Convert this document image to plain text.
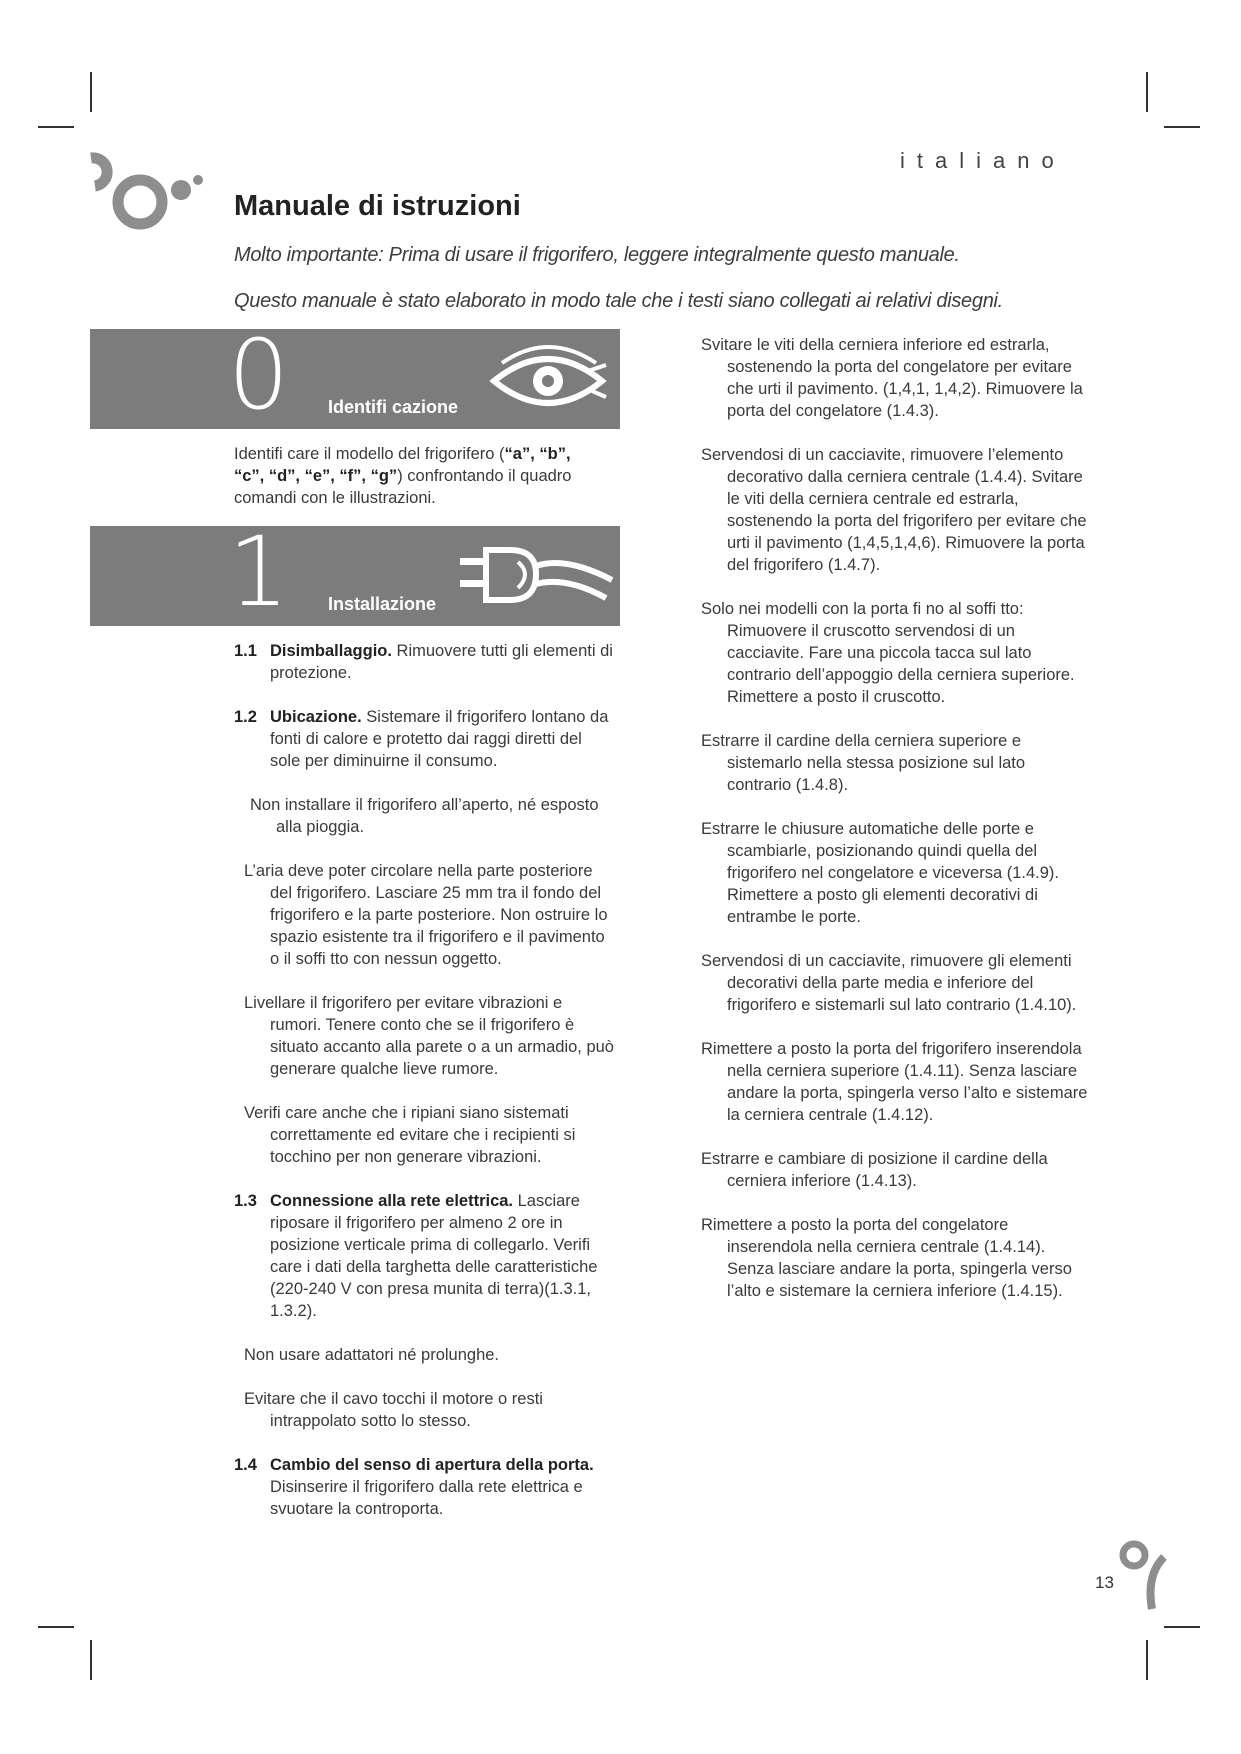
italiano
Manuale di istruzioni
Molto importante: Prima di usare il frigorifero, leggere integralmente questo manuale.
Questo manuale è stato elaborato in modo tale che i testi siano collegati ai relativi disegni.
0 Identifi cazione
Identifi care il modello del frigorifero (“a”, “b”, “c”, “d”, “e”, “f”, “g”) confrontando il quadro comandi con le illustrazioni.
1 Installazione

1.1 Disimballaggio. Rimuovere tutti gli elementi di protezione.

1.2 Ubicazione. Sistemare il frigorifero lontano da fonti di calore e protetto dai raggi diretti del sole per diminuirne il consumo.

Non installare il frigorifero all’aperto, né esposto alla pioggia.

L’aria deve poter circolare nella parte posteriore del frigorifero. Lasciare 25 mm tra il fondo del frigorifero e la parte posteriore. Non ostruire lo spazio esistente tra il frigorifero e il pavimento o il soffi tto con nessun oggetto.

Livellare il frigorifero per evitare vibrazioni e rumori. Tenere conto che se il frigorifero è situato accanto alla parete o a un armadio, può generare qualche lieve rumore.

Verifi care anche che i ripiani siano sistemati correttamente ed evitare che i recipienti si tocchino per non generare vibrazioni.

1.3 Connessione alla rete elettrica. Lasciare riposare il frigorifero per almeno 2 ore in posizione verticale prima di collegarlo. Verifi care i dati della targhetta delle caratteristiche (220-240 V con presa munita di terra)(1.3.1, 1.3.2).

Non usare adattatori né prolunghe.

Evitare che il cavo tocchi il motore o resti intrappolato sotto lo stesso.

1.4 Cambio del senso di apertura della porta. Disinserire il frigorifero dalla rete elettrica e svuotare la controporta.

Svitare le viti della cerniera inferiore ed estrarla, sostenendo la porta del congelatore per evitare che urti il pavimento. (1,4,1, 1,4,2). Rimuovere la porta del congelatore (1.4.3).

Servendosi di un cacciavite, rimuovere l’elemento decorativo dalla cerniera centrale (1.4.4). Svitare le viti della cerniera centrale ed estrarla, sostenendo la porta del frigorifero per evitare che urti il pavimento (1,4,5,1,4,6). Rimuovere la porta del frigorifero (1.4.7).

Solo nei modelli con la porta fi no al soffi tto: Rimuovere il cruscotto servendosi di un cacciavite. Fare una piccola tacca sul lato contrario dell’appoggio della cerniera superiore. Rimettere a posto il cruscotto.

Estrarre il cardine della cerniera superiore e sistemarlo nella stessa posizione sul lato contrario (1.4.8).

Estrarre le chiusure automatiche delle porte e scambiarle, posizionando quindi quella del frigorifero nel congelatore e viceversa (1.4.9). Rimettere a posto gli elementi decorativi di entrambe le porte.

Servendosi di un cacciavite, rimuovere gli elementi decorativi della parte media e inferiore del frigorifero e sistemarli sul lato contrario (1.4.10).

Rimettere a posto la porta del frigorifero inserendola nella cerniera superiore (1.4.11). Senza lasciare andare la porta, spingerla verso l’alto e sistemare la cerniera centrale (1.4.12).

Estrarre e cambiare di posizione il cardine della cerniera inferiore (1.4.13).

Rimettere a posto la porta del congelatore inserendola nella cerniera centrale (1.4.14). Senza lasciare andare la porta, spingerla verso l’alto e sistemare la cerniera inferiore (1.4.15).

13
